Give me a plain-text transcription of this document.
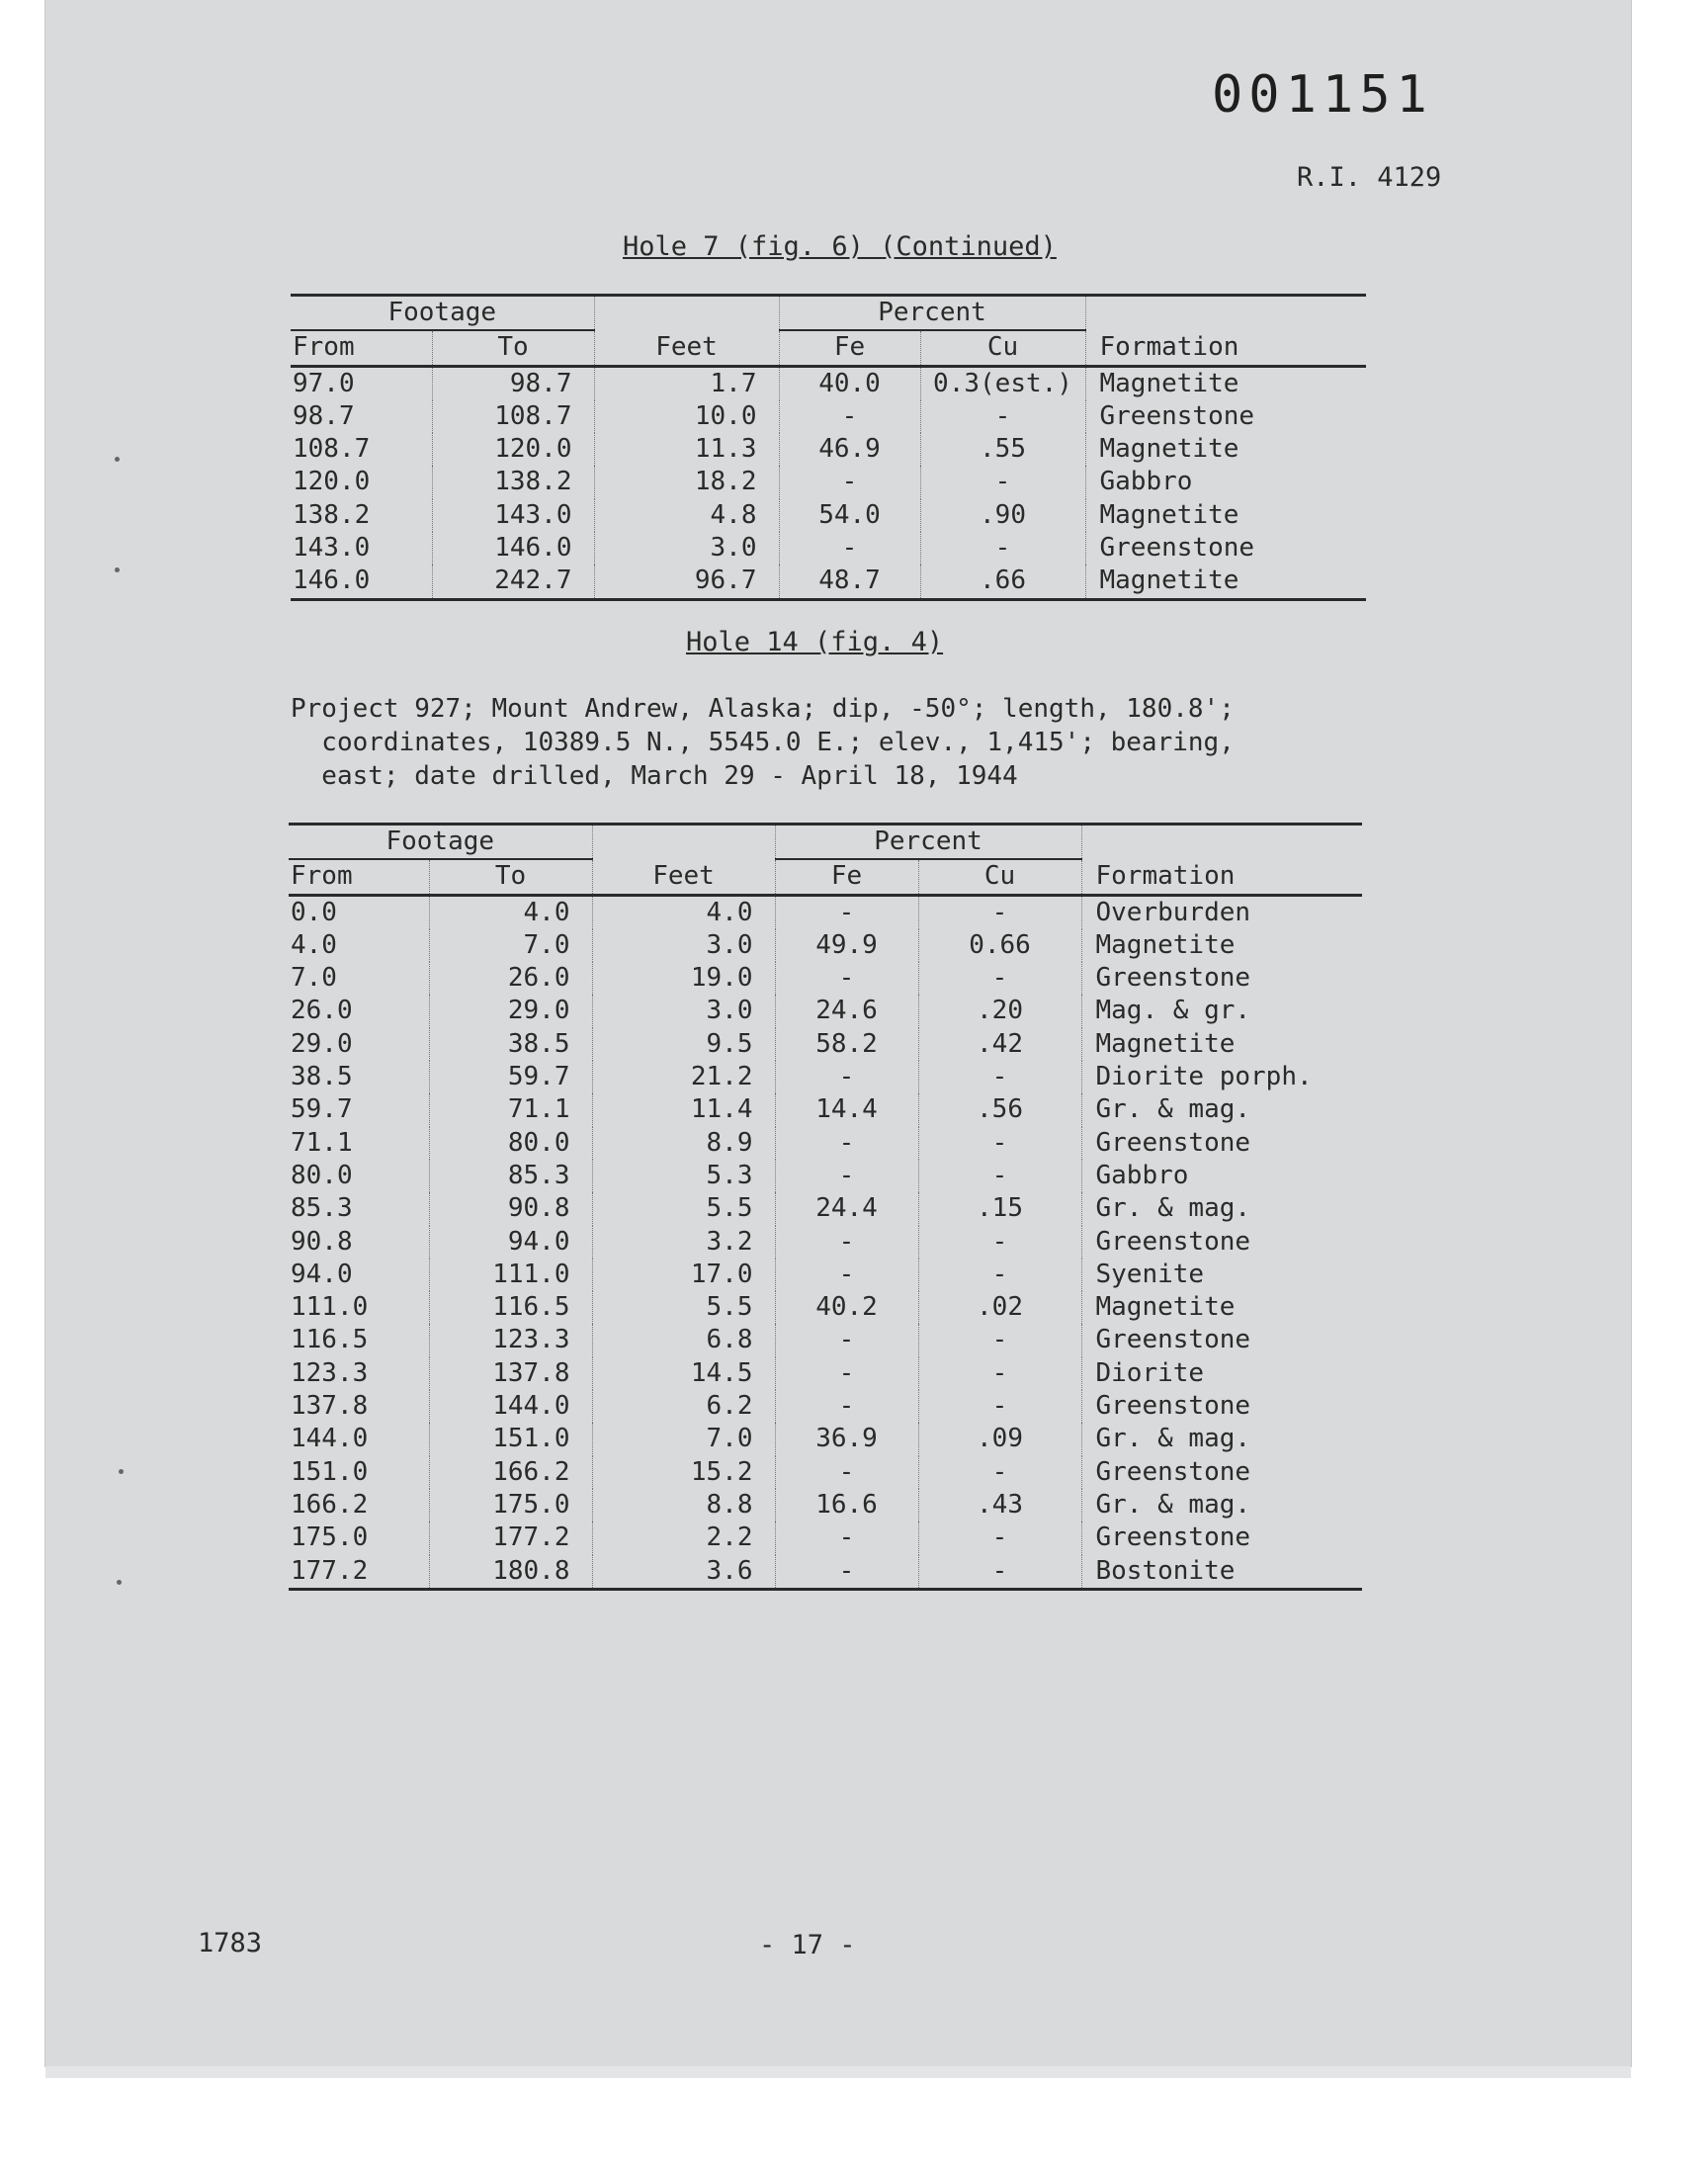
001151
R.I. 4129
Hole 7 (fig. 6) (Continued)
Footage			Percent		
From	To	Feet	Fe	Cu	Formation
97.0	98.7	1.7	40.0	0.3(est.)	Magnetite
98.7	108.7	10.0	-	-	Greenstone
108.7	120.0	11.3	46.9	.55	Magnetite
120.0	138.2	18.2	-	-	Gabbro
138.2	143.0	4.8	54.0	.90	Magnetite
143.0	146.0	3.0	-	-	Greenstone
146.0	242.7	96.7	48.7	.66	Magnetite
Hole 14 (fig. 4)
Project 927; Mount Andrew, Alaska; dip, -50°; length, 180.8';
coordinates, 10389.5 N., 5545.0 E.; elev., 1,415'; bearing,
east; date drilled, March 29 - April 18, 1944
Footage			Percent		
From	To	Feet	Fe	Cu	Formation
0.0	4.0	4.0	-	-	Overburden
4.0	7.0	3.0	49.9	0.66	Magnetite
7.0	26.0	19.0	-	-	Greenstone
26.0	29.0	3.0	24.6	.20	Mag. & gr.
29.0	38.5	9.5	58.2	.42	Magnetite
38.5	59.7	21.2	-	-	Diorite porph.
59.7	71.1	11.4	14.4	.56	Gr. & mag.
71.1	80.0	8.9	-	-	Greenstone
80.0	85.3	5.3	-	-	Gabbro
85.3	90.8	5.5	24.4	.15	Gr. & mag.
90.8	94.0	3.2	-	-	Greenstone
94.0	111.0	17.0	-	-	Syenite
111.0	116.5	5.5	40.2	.02	Magnetite
116.5	123.3	6.8	-	-	Greenstone
123.3	137.8	14.5	-	-	Diorite
137.8	144.0	6.2	-	-	Greenstone
144.0	151.0	7.0	36.9	.09	Gr. & mag.
151.0	166.2	15.2	-	-	Greenstone
166.2	175.0	8.8	16.6	.43	Gr. & mag.
175.0	177.2	2.2	-	-	Greenstone
177.2	180.8	3.6	-	-	Bostonite
1783	- 17 -
